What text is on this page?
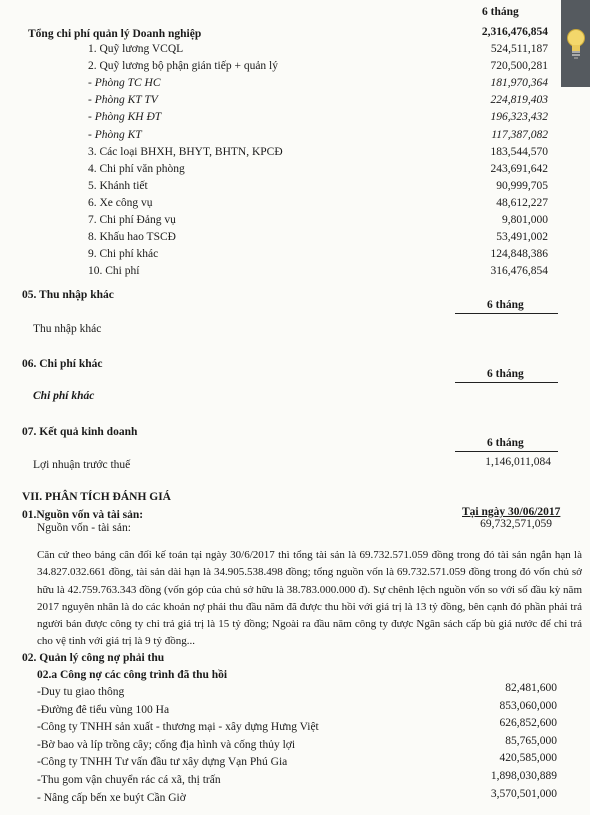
6 tháng
Tổng chi phí quản lý Doanh nghiệp	2,316,476,854
1. Quỹ lương VCQL	524,511,187
2. Quỹ lương bộ phận gián tiếp + quản lý	720,500,281
- Phòng TC HC	181,970,364
- Phòng KT TV	224,819,403
- Phòng KH ĐT	196,323,432
- Phòng KT	117,387,082
3. Các loại BHXH, BHYT, BHTN, KPCĐ	183,544,570
4. Chi phí văn phòng	243,691,642
5. Khánh tiết	90,999,705
6. Xe công vụ	48,612,227
7. Chi phí Đảng vụ	9,801,000
8. Khấu hao TSCĐ	53,491,002
9. Chi phí khác	124,848,386
10. Chi phí	316,476,854
05. Thu nhập khác
6 tháng
Thu nhập khác
06. Chi phí khác
6 tháng
Chi phí khác
07. Kết quả kinh doanh
6 tháng
Lợi nhuận trước thuế	1,146,011,084
VII. PHÂN TÍCH ĐÁNH GIÁ
01.Nguồn vốn và tài sản:	Tại ngày 30/06/2017
Nguồn vốn - tài sản:	69,732,571,059
Căn cứ theo bảng cân đối kế toán tại ngày 30/6/2017 thì tổng tài sản là 69.732.571.059 đồng trong đó tài sản ngắn hạn là 34.827.032.661 đồng, tài sản dài hạn là 34.905.538.498 đồng; tổng nguồn vốn là 69.732.571.059 đồng trong đó vốn chủ sở hữu là 42.759.763.343 đồng (vốn góp của chủ sở hữu là 38.783.000.000 đ). Sự chênh lệch nguồn vốn so với số đầu kỳ năm 2017 nguyên nhân là do các khoản nợ phải thu đầu năm đã được thu hồi với giá trị là 13 tỷ đồng, bên cạnh đó phần phải trả người bán được công ty chi trả giá trị là 15 tỷ đồng; Ngoài ra đầu năm công ty được Ngân sách cấp bù giá nước để chi trả cho vệ tinh với giá trị là 9 tỷ đồng...
02. Quản lý công nợ phải thu
02.a Công nợ các công trình đã thu hồi
-Duy tu giao thông	82,481,600
-Đường đê tiểu vùng 100 Ha	853,060,000
-Công ty TNHH sản xuất - thương mại - xây dựng Hưng Việt	626,852,600
-Bờ bao và líp trồng cây; cống địa hình và cống thủy lợi	85,765,000
-Công ty TNHH Tư vấn đầu tư xây dựng Vạn Phú Gia	420,585,000
-Thu gom vận chuyển rác cá xã, thị trấn	1,898,030,889
- Nâng cấp bến xe buýt Cần Giờ	3,570,501,000
